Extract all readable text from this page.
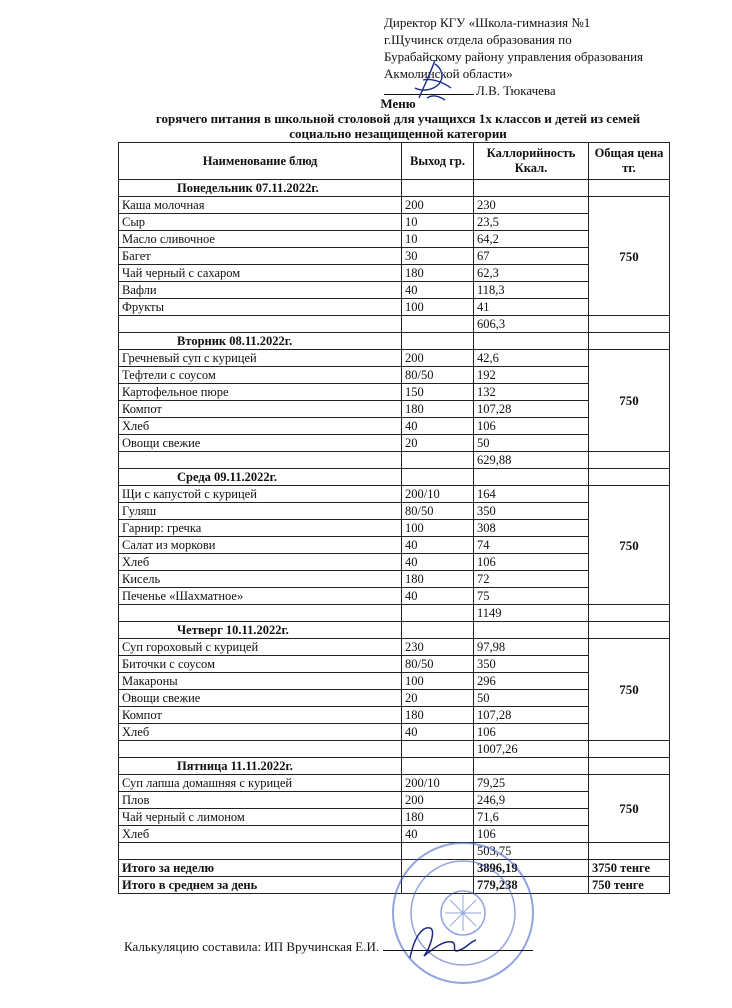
Директор КГУ «Школа-гимназия №1
г.Щучинск отдела образования по
Бурабайскому району управления образования
Акмолинской области»
Л.В. Тюкачева
Меню
горячего питания в школьной столовой для учащихся 1х классов и детей из семей
социально незащищенной категории
Наименование блюд	Выход гр.	Каллорийность Ккал.	Общая цена тг.
Понедельник 07.11.2022г.			
Каша молочная	200	230	750
Сыр	10	23,5	
Масло сливочное	10	64,2	
Багет	30	67	
Чай черный с сахаром	180	62,3	
Вафли	40	118,3	
Фрукты	100	41	
		606,3	
Вторник 08.11.2022г.			
Гречневый суп с курицей	200	42,6	750
Тефтели с соусом	80/50	192	
Картофельное пюре	150	132	
Компот	180	107,28	
Хлеб	40	106	
Овощи свежие	20	50	
		629,88	
Среда 09.11.2022г.			
Щи с капустой с курицей	200/10	164	750
Гуляш	80/50	350	
Гарнир: гречка	100	308	
Салат из моркови	40	74	
Хлеб	40	106	
Кисель	180	72	
Печенье «Шахматное»	40	75	
		1149	
Четверг 10.11.2022г.			
Суп гороховый с курицей	230	97,98	750
Биточки с соусом	80/50	350	
Макароны	100	296	
Овощи свежие	20	50	
Компот	180	107,28	
Хлеб	40	106	
		1007,26	
Пятница 11.11.2022г.			
Суп лапша домашняя с курицей	200/10	79,25	750
Плов	200	246,9	
Чай черный с лимоном	180	71,6	
Хлеб	40	106	
		503,75	
Итого за неделю		3896,19	3750 тенге
Итого в среднем за день		779,238	750 тенге
Калькуляцию составила: ИП Вручинская Е.И.
